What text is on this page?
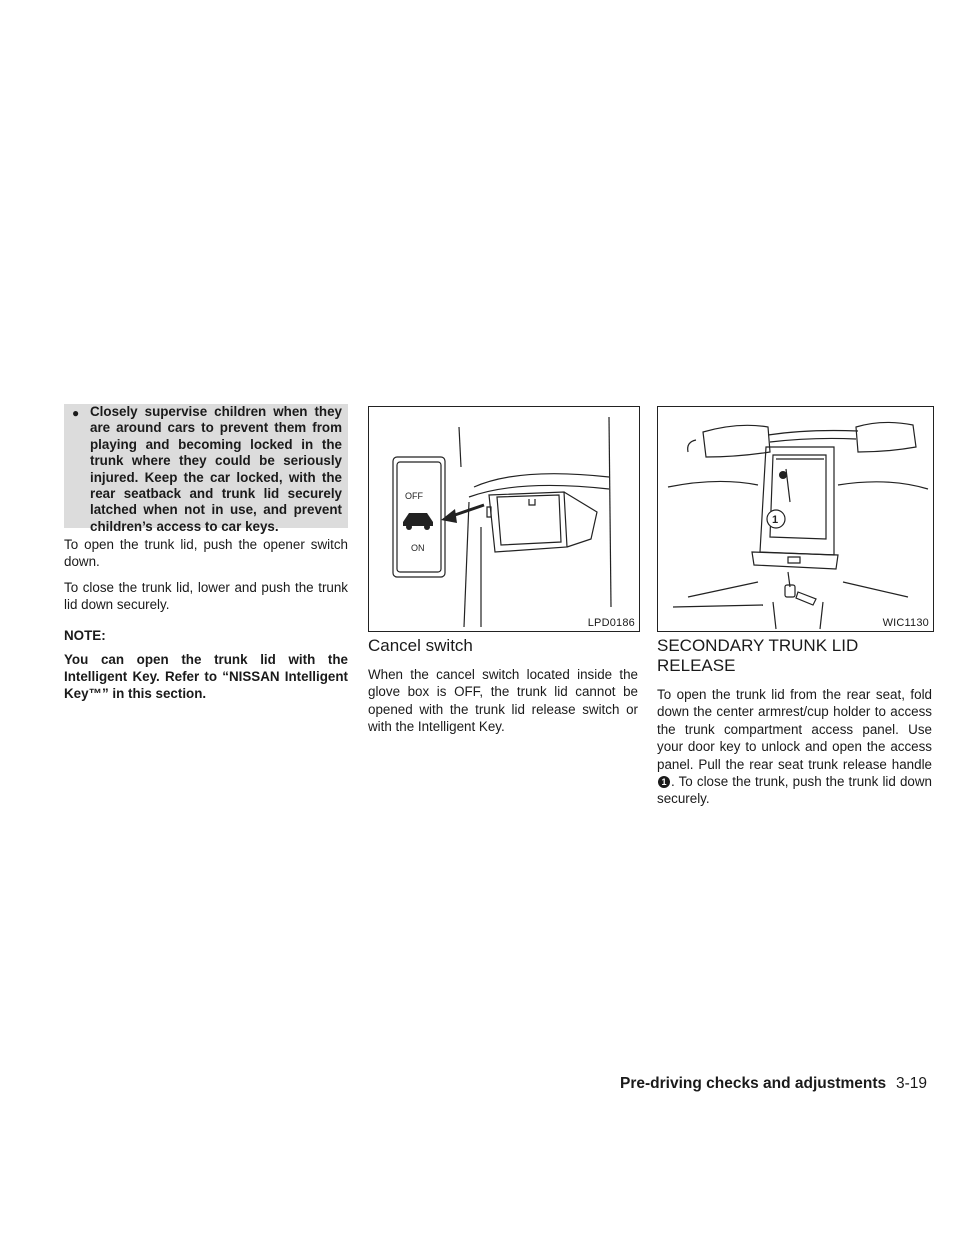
● Closely supervise children when they are around cars to prevent them from playing and becoming locked in the trunk where they could be seriously injured. Keep the car locked, with the rear seatback and trunk lid securely latched when not in use, and prevent children’s access to car keys.

To open the trunk lid, push the opener switch down.

To close the trunk lid, lower and push the trunk lid down securely.

NOTE:

You can open the trunk lid with the Intelligent Key. Refer to “NISSAN Intelligent Key™” in this section.

OFF
ON
LPD0186
Cancel switch

When the cancel switch located inside the glove box is OFF, the trunk lid cannot be opened with the trunk lid release switch or with the Intelligent Key.

1
WIC1130
SECONDARY TRUNK LID RELEASE

To open the trunk lid from the rear seat, fold down the center armrest/cup holder to access the trunk compartment access panel. Use your door key to unlock and open the access panel. Pull the rear seat trunk release handle1 . To close the trunk, push the trunk lid down securely.

Pre-driving checks and adjustments 3-19
